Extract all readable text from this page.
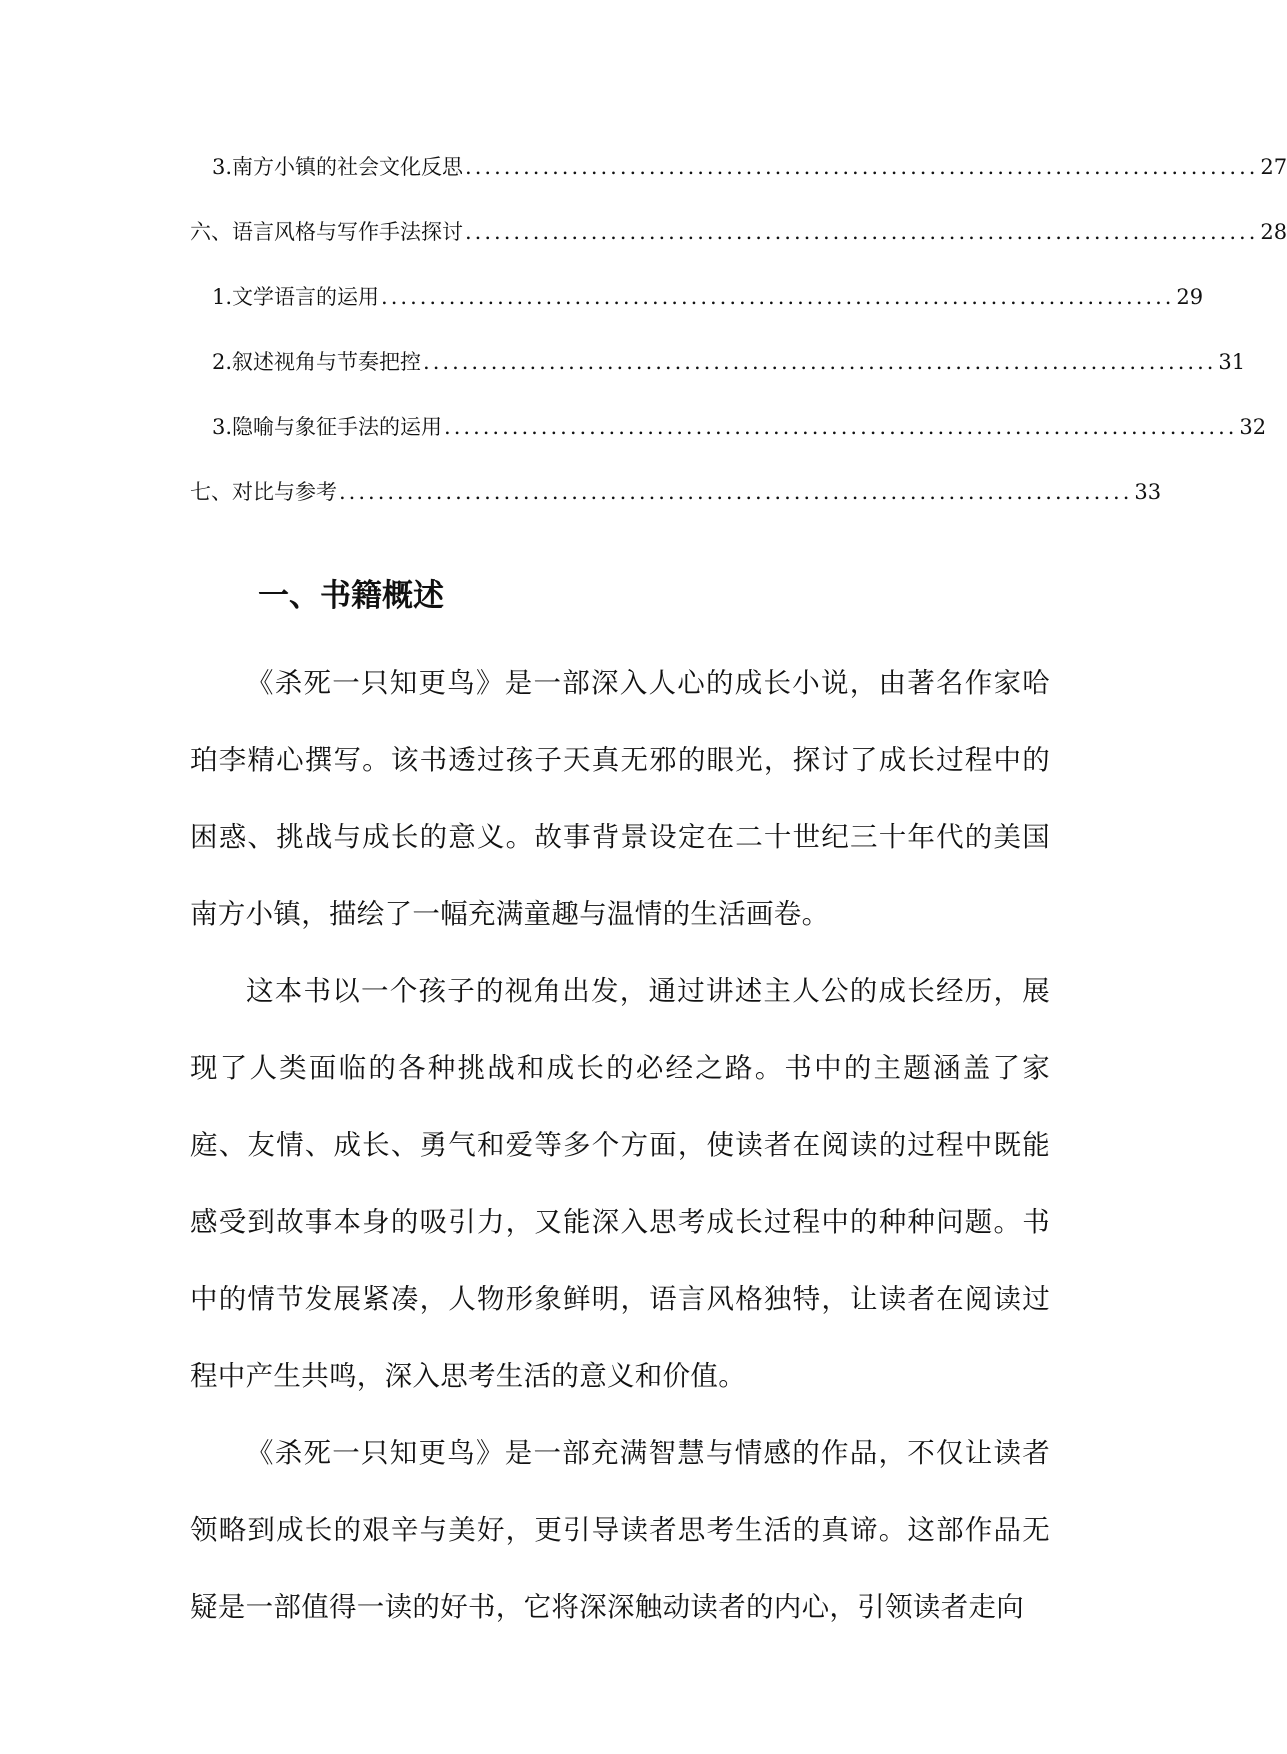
3. 南方小镇的社会文化反思 .................................................................................. 27
六、语言风格与写作手法探讨 .................................................................................. 28
1. 文学语言的运用 .................................................................................. 29
2. 叙述视角与节奏把控 .................................................................................. 31
3. 隐喻与象征手法的运用 .................................................................................. 32
七、对比与参考 .................................................................................. 33
一、书籍概述

《杀死一只知更鸟》是一部深入人心的成长小说，由著名作家哈珀李精心撰写。该书透过孩子天真无邪的眼光，探讨了成长过程中的困惑、挑战与成长的意义。故事背景设定在二十世纪三十年代的美国南方小镇，描绘了一幅充满童趣与温情的生活画卷。

这本书以一个孩子的视角出发，通过讲述主人公的成长经历，展现了人类面临的各种挑战和成长的必经之路。书中的主题涵盖了家庭、友情、成长、勇气和爱等多个方面，使读者在阅读的过程中既能感受到故事本身的吸引力，又能深入思考成长过程中的种种问题。书中的情节发展紧凑，人物形象鲜明，语言风格独特，让读者在阅读过程中产生共鸣，深入思考生活的意义和价值。

《杀死一只知更鸟》是一部充满智慧与情感的作品，不仅让读者领略到成长的艰辛与美好，更引导读者思考生活的真谛。这部作品无疑是一部值得一读的好书，它将深深触动读者的内心，引领读者走向
